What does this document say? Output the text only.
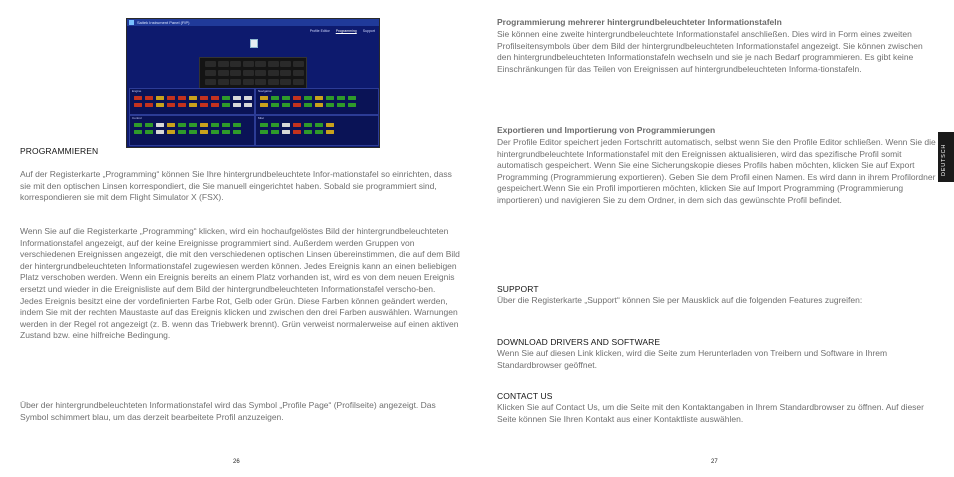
Saitek Instrument Panel (FIP)
Profile Editor Programming Support
Engine	Navigation
Control	Misc
PROGRAMMIEREN

Auf der Registerkarte „Programming“ können Sie Ihre hintergrundbeleuchtete Infor-mationstafel so einrichten, dass sie mit den optischen Linsen korrespondiert, die Sie manuell eingerichtet haben. Sobald sie programmiert sind, korrespondieren sie mit dem Flight Simulator X (FSX).

Wenn Sie auf die Registerkarte „Programming“ klicken, wird ein hochaufgelöstes Bild der hintergrundbeleuchteten Informationstafel angezeigt, auf der keine Ereignisse programmiert sind. Außerdem werden Gruppen von verschiedenen Ereignissen angezeigt, die mit den verschiedenen optischen Linsen übereinstimmen, die auf dem Bild der hintergrundbeleuchteten Informationstafel zugewiesen werden können. Jedes Ereignis kann an einen beliebigen Platz verschoben werden. Wenn ein Ereignis bereits an einem Platz vorhanden ist, wird es von dem neuen Ereignis ersetzt und wieder in die Ereignisliste auf dem Bild der hintergrundbeleuchteten Informationstafel verscho-ben. Jedes Ereignis besitzt eine der vordefinierten Farbe Rot, Gelb oder Grün. Diese Farben können geändert werden, indem Sie mit der rechten Maustaste auf das Ereignis klicken und zwischen den drei Farben auswählen. Warnungen werden in der Regel rot angezeigt (z. B. wenn das Triebwerk brennt). Grün verweist normalerweise auf einen aktiven Zustand bzw. eine hilfreiche Bedingung.

Über der hintergrundbeleuchteten Informationstafel wird das Symbol „Profile Page“ (Profilseite) angezeigt. Das Symbol schimmert blau, um das derzeit bearbeitete Profil anzuzeigen.

26
Programmierung mehrerer hintergrundbeleuchteter Informationstafeln

Sie können eine zweite hintergrundbeleuchtete Informationstafel anschließen. Dies wird in Form eines zweiten Profilseitensymbols über dem Bild der hintergrundbeleuchteten Informationstafel angezeigt. Sie können zwischen den hintergrundbeleuchteten Informationstafeln wechseln und sie je nach Bedarf programmieren. Es gibt keine Einschränkungen für das Teilen von Ereignissen auf hintergrundbeleuchteten Informa-tionstafeln.

Exportieren und Importierung von Programmierungen

Der Profile Editor speichert jeden Fortschritt automatisch, selbst wenn Sie den Profile Editor schließen. Wenn Sie die hintergrundbeleuchtete Informationstafel mit den Ereignissen aktualisieren, wird das spezifische Profil somit automatisch gespeichert. Wenn Sie eine Sicherungskopie dieses Profils haben möchten, klicken Sie auf Export Programming (Programmierung exportieren). Geben Sie dem Profil einen Namen. Es wird dann in ihrem Profilordner gespeichert.Wenn Sie ein Profil importieren möchten, klicken Sie auf Import Programming (Programmierung importieren) und navigieren Sie zu dem Ordner, in dem sich das gewünschte Profil befindet.

SUPPORT

Über die Registerkarte „Support“ können Sie per Mausklick auf die folgenden Features zugreifen:

DOWNLOAD DRIVERS AND SOFTWARE

Wenn Sie auf diesen Link klicken, wird die Seite zum Herunterladen von Treibern und Software in Ihrem Standardbrowser geöffnet.

CONTACT US

Klicken Sie auf Contact Us, um die Seite mit den Kontaktangaben in Ihrem Standardbrowser zu öffnen. Auf dieser Seite können Sie Ihren Kontakt aus einer Kontaktliste auswählen.

27
DEUTSCH
